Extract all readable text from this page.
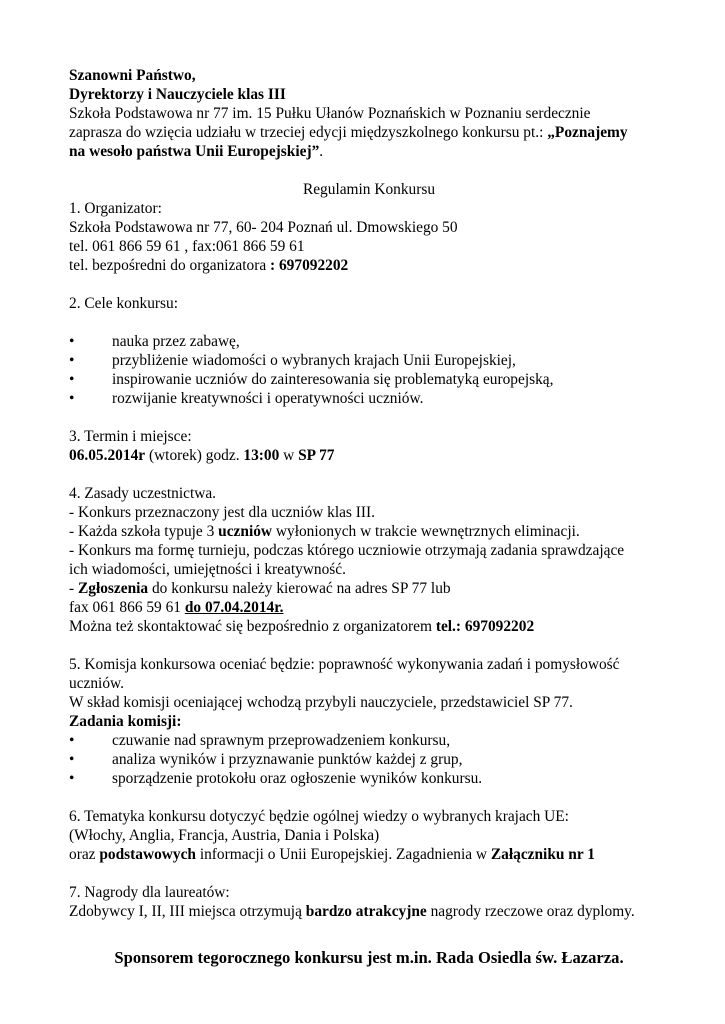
Szanowni Państwo,
Dyrektorzy i Nauczyciele klas III
Szkoła Podstawowa nr 77 im. 15 Pułku Ułanów Poznańskich w Poznaniu serdecznie
zaprasza do wzięcia udziału w trzeciej edycji międzyszkolnego konkursu pt.: „Poznajemy
na wesoło państwa Unii Europejskiej”.
Regulamin Konkursu
1. Organizator:
Szkoła Podstawowa nr 77, 60- 204 Poznań ul. Dmowskiego 50
tel. 061 866 59 61 , fax:061 866 59 61
tel. bezpośredni do organizatora : 697092202
2. Cele konkursu:
•	nauka przez zabawę,
•	przybliżenie wiadomości o wybranych krajach Unii Europejskiej,
•	inspirowanie uczniów do zainteresowania się problematyką europejską,
•	rozwijanie kreatywności i operatywności uczniów.
3. Termin i miejsce:
06.05.2014r (wtorek) godz. 13:00 w SP 77
4. Zasady uczestnictwa.
- Konkurs przeznaczony jest dla uczniów klas III.
- Każda szkoła typuje 3 uczniów wyłonionych w trakcie wewnętrznych eliminacji.
- Konkurs ma formę turnieju, podczas którego uczniowie otrzymają zadania sprawdzające
ich wiadomości, umiejętności i kreatywność.
- Zgłoszenia do konkursu należy kierować na adres SP 77 lub
fax 061 866 59 61 do 07.04.2014r.
Można też skontaktować się bezpośrednio z organizatorem tel.: 697092202
5. Komisja konkursowa oceniać będzie: poprawność wykonywania zadań i pomysłowość
uczniów.
W skład komisji oceniającej wchodzą przybyli nauczyciele, przedstawiciel SP 77.
Zadania komisji:
•	czuwanie nad sprawnym przeprowadzeniem konkursu,
•	analiza wyników i przyznawanie punktów każdej z grup,
•	sporządzenie protokołu oraz ogłoszenie wyników konkursu.
6. Tematyka konkursu dotyczyć będzie ogólnej wiedzy o wybranych krajach UE:
(Włochy, Anglia, Francja, Austria, Dania i Polska)
oraz podstawowych informacji o Unii Europejskiej. Zagadnienia w Załączniku nr 1
7. Nagrody dla laureatów:
Zdobywcy I, II, III miejsca otrzymują bardzo atrakcyjne nagrody rzeczowe oraz dyplomy.
Sponsorem tegorocznego konkursu jest m.in. Rada Osiedla św. Łazarza.
